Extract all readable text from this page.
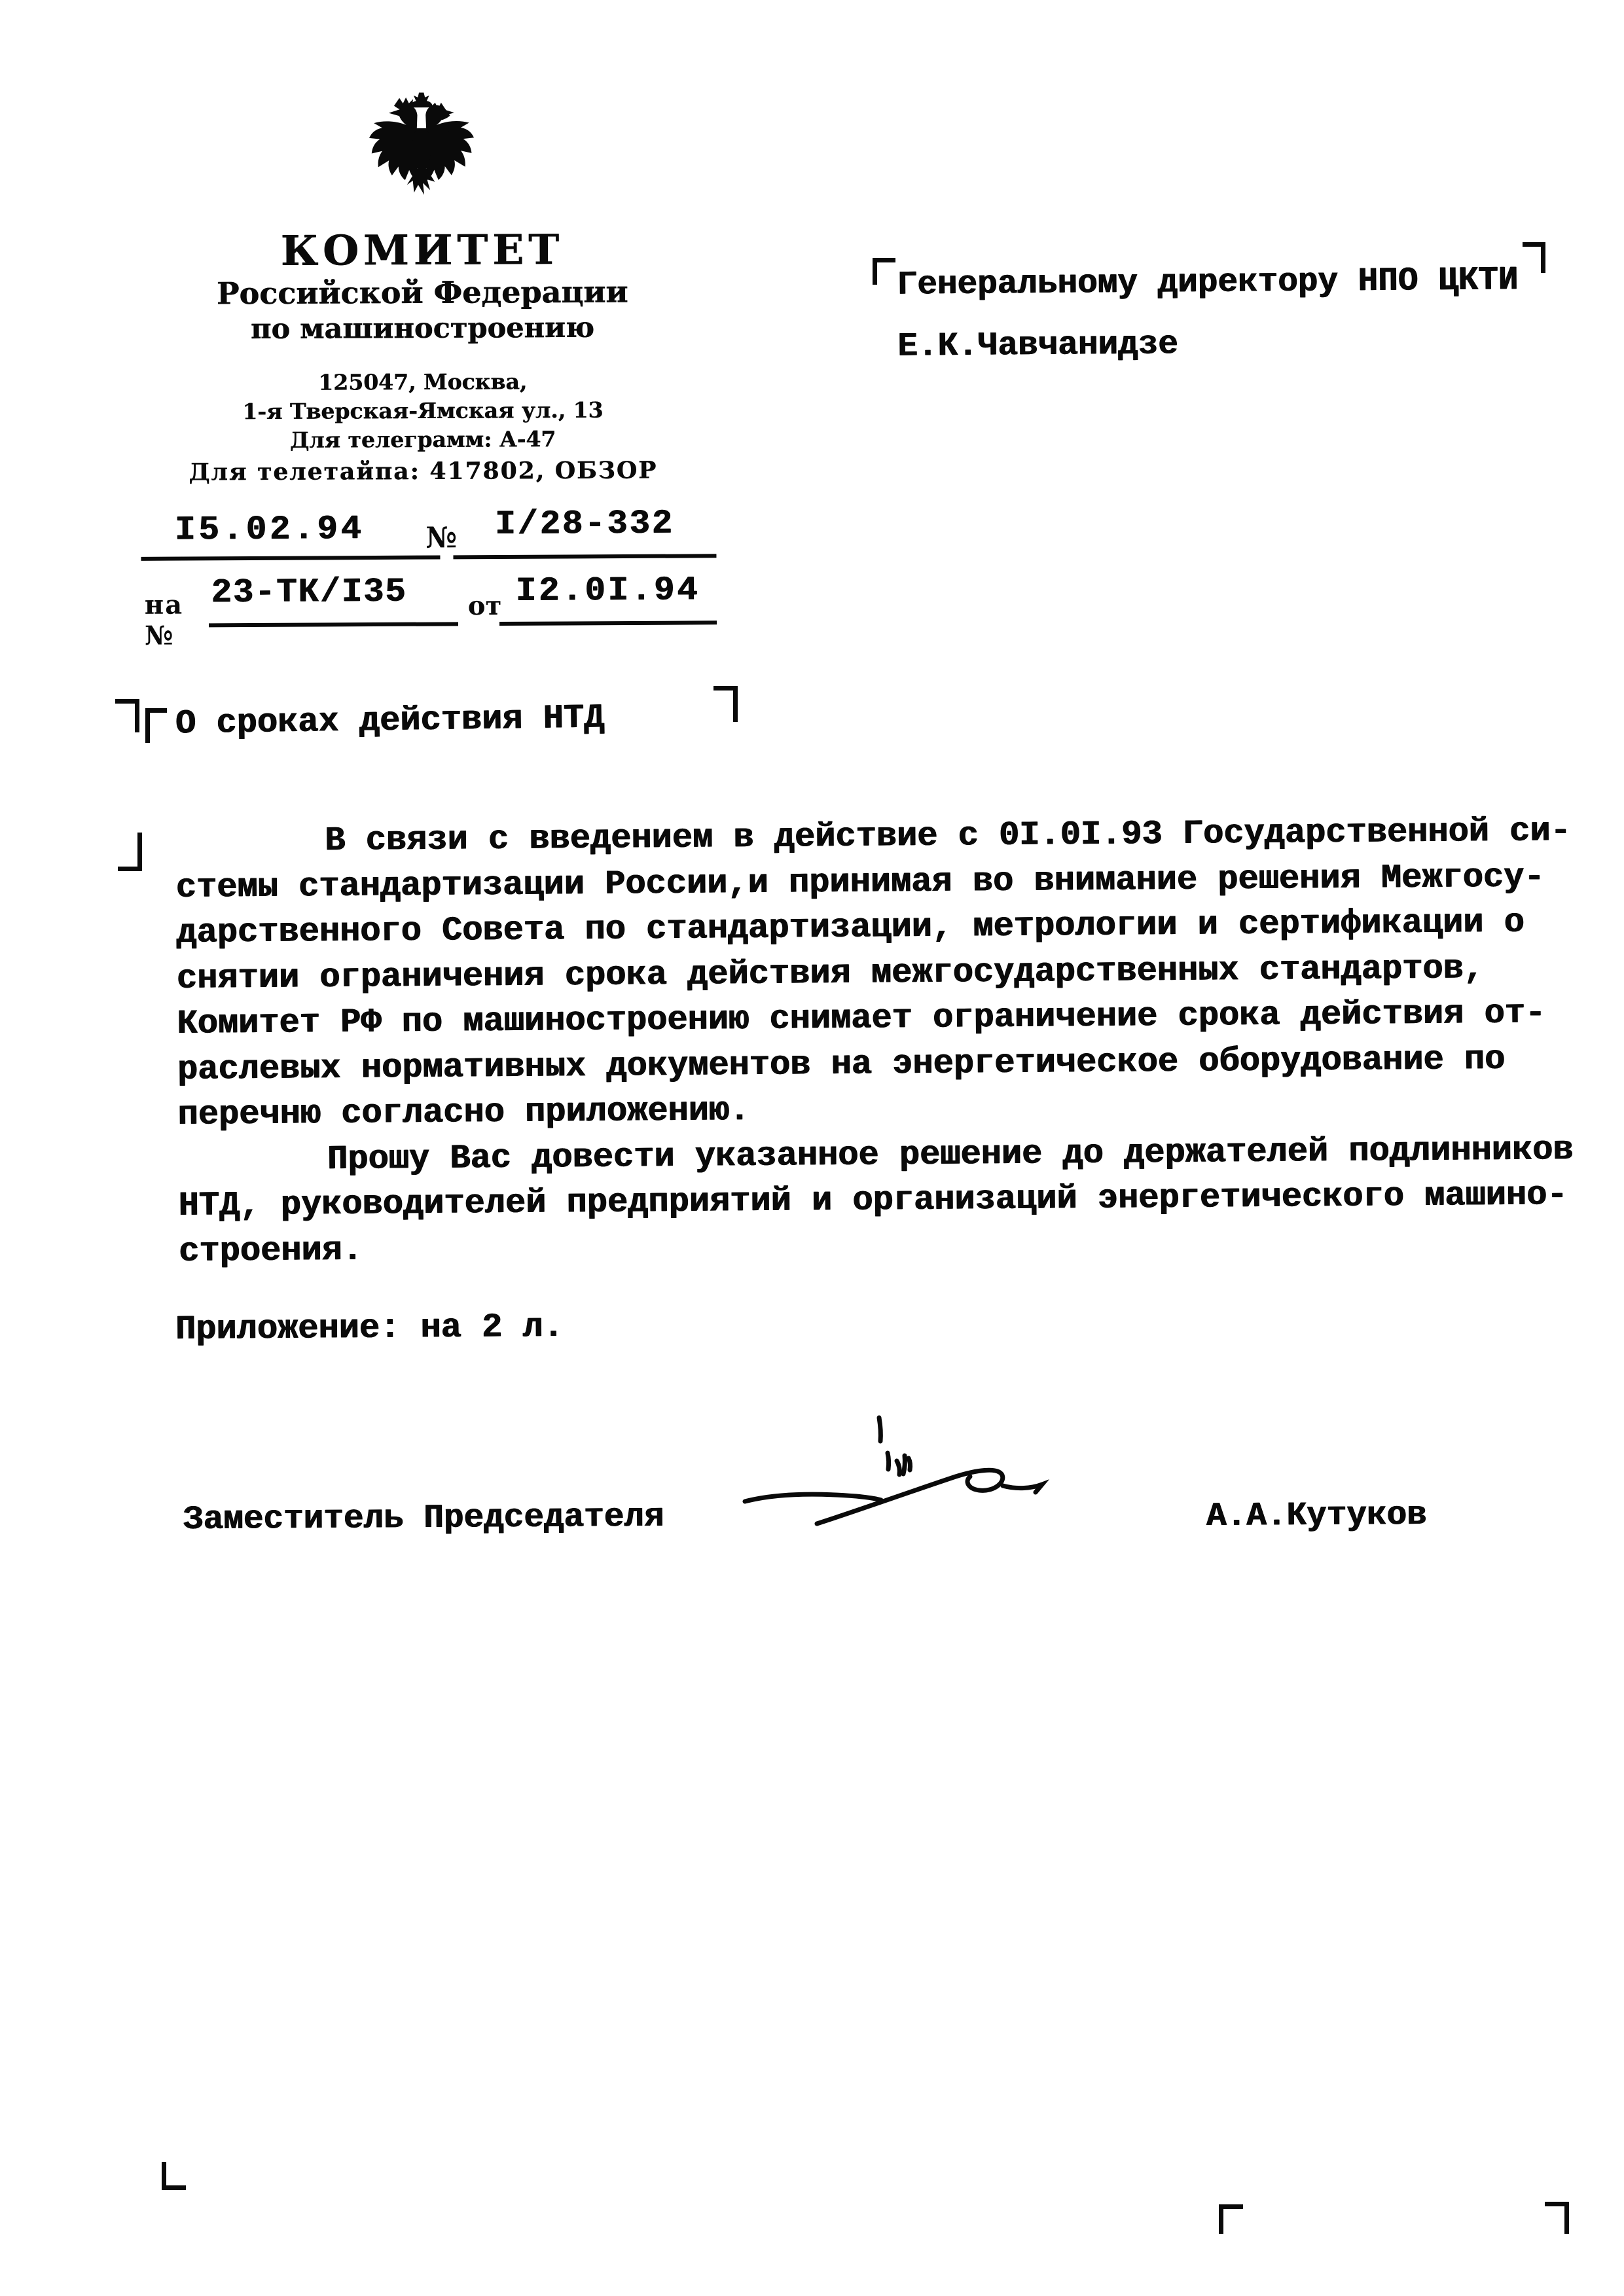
КОМИТЕТ
Российской Федерации
по машиностроению
125047, Москва,
1-я Тверская-Ямская ул., 13
Для телеграмм: А-47
Для телетайпа: 417802, ОБЗОР
I5.02.94	№	I/28-332
на №
23-ТК/I35	от I2.0I.94
Генеральному директору НПО ЦКТИ
Е.К.Чавчанидзе
О сроках действия НТД
В связи с введением в действие с 0I.0I.93 Государственной си-
стемы стандартизации России,и принимая во внимание решения Межгосу-
дарственного Совета по стандартизации, метрологии и сертификации о
снятии ограничения срока действия межгосударственных стандартов,
Комитет РФ по машиностроению снимает ограничение срока действия от-
раслевых нормативных документов на энергетическое оборудование по
перечню согласно приложению.
Прошу Вас довести указанное решение до держателей подлинников
НТД, руководителей предприятий и организаций энергетического машино-
строения.
Приложение: на 2 л.
Заместитель Председателя	А.А.Кутуков
